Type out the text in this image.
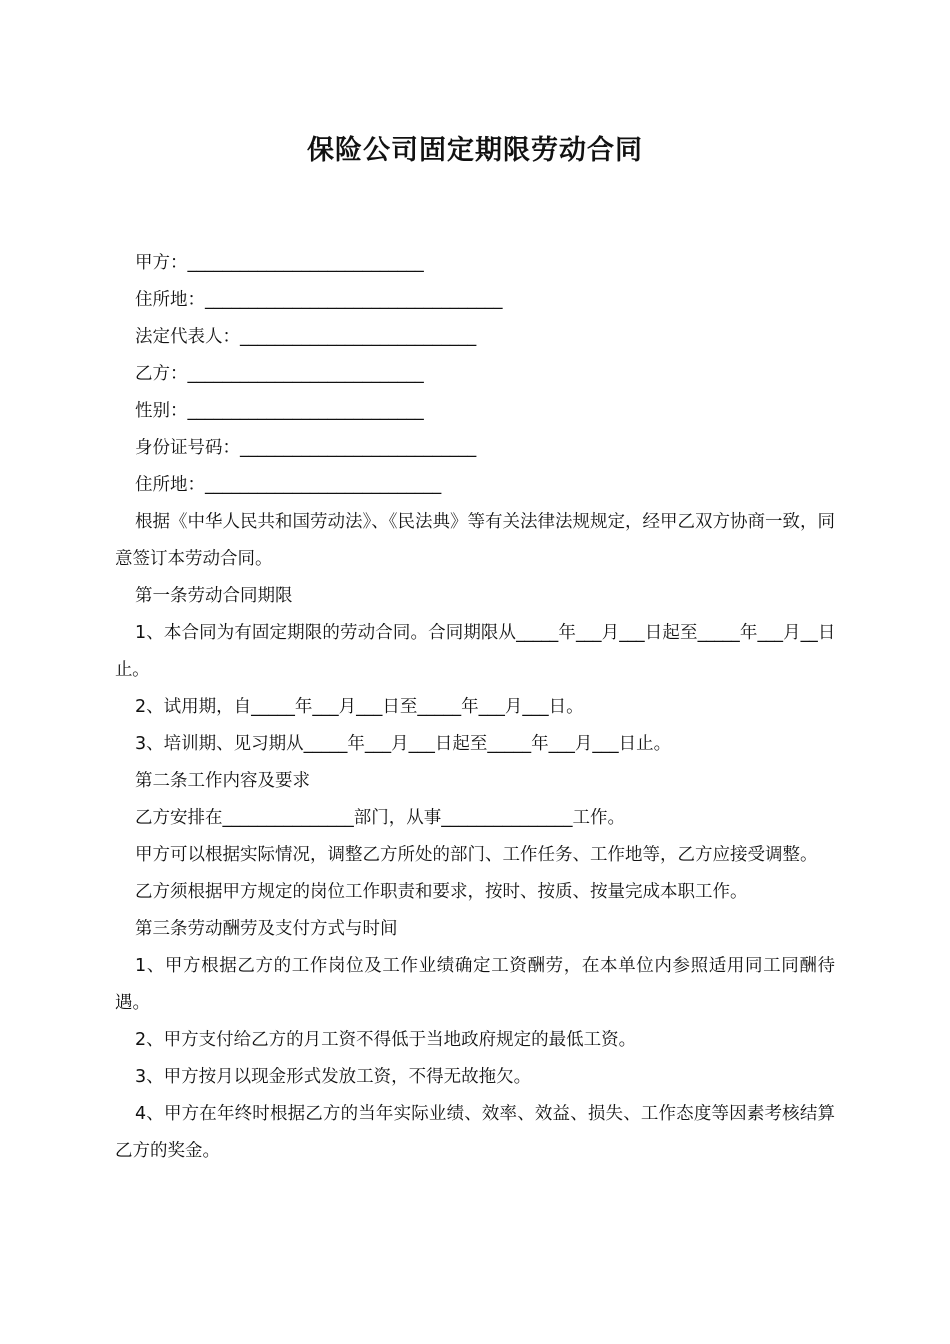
保险公司固定期限劳动合同

甲方：___________________________

住所地：__________________________________

法定代表人：___________________________

乙方：___________________________

性别：___________________________

身份证号码：___________________________

住所地：___________________________

根据《中华人民共和国劳动法》、《民法典》等有关法律法规规定，经甲乙双方协商一致，同意签订本劳动合同。

第一条劳动合同期限

1、本合同为有固定期限的劳动合同。合同期限从_____年___月___日起至_____年___月__日止。

2、试用期，自_____年___月___日至_____年___月___日。

3、培训期、见习期从_____年___月___日起至_____年___月___日止。

第二条工作内容及要求

乙方安排在_______________部门，从事_______________工作。

甲方可以根据实际情况，调整乙方所处的部门、工作任务、工作地等，乙方应接受调整。

乙方须根据甲方规定的岗位工作职责和要求，按时、按质、按量完成本职工作。

第三条劳动酬劳及支付方式与时间

1、甲方根据乙方的工作岗位及工作业绩确定工资酬劳，在本单位内参照适用同工同酬待遇。

2、甲方支付给乙方的月工资不得低于当地政府规定的最低工资。

3、甲方按月以现金形式发放工资，不得无故拖欠。

4、甲方在年终时根据乙方的当年实际业绩、效率、效益、损失、工作态度等因素考核结算乙方的奖金。
